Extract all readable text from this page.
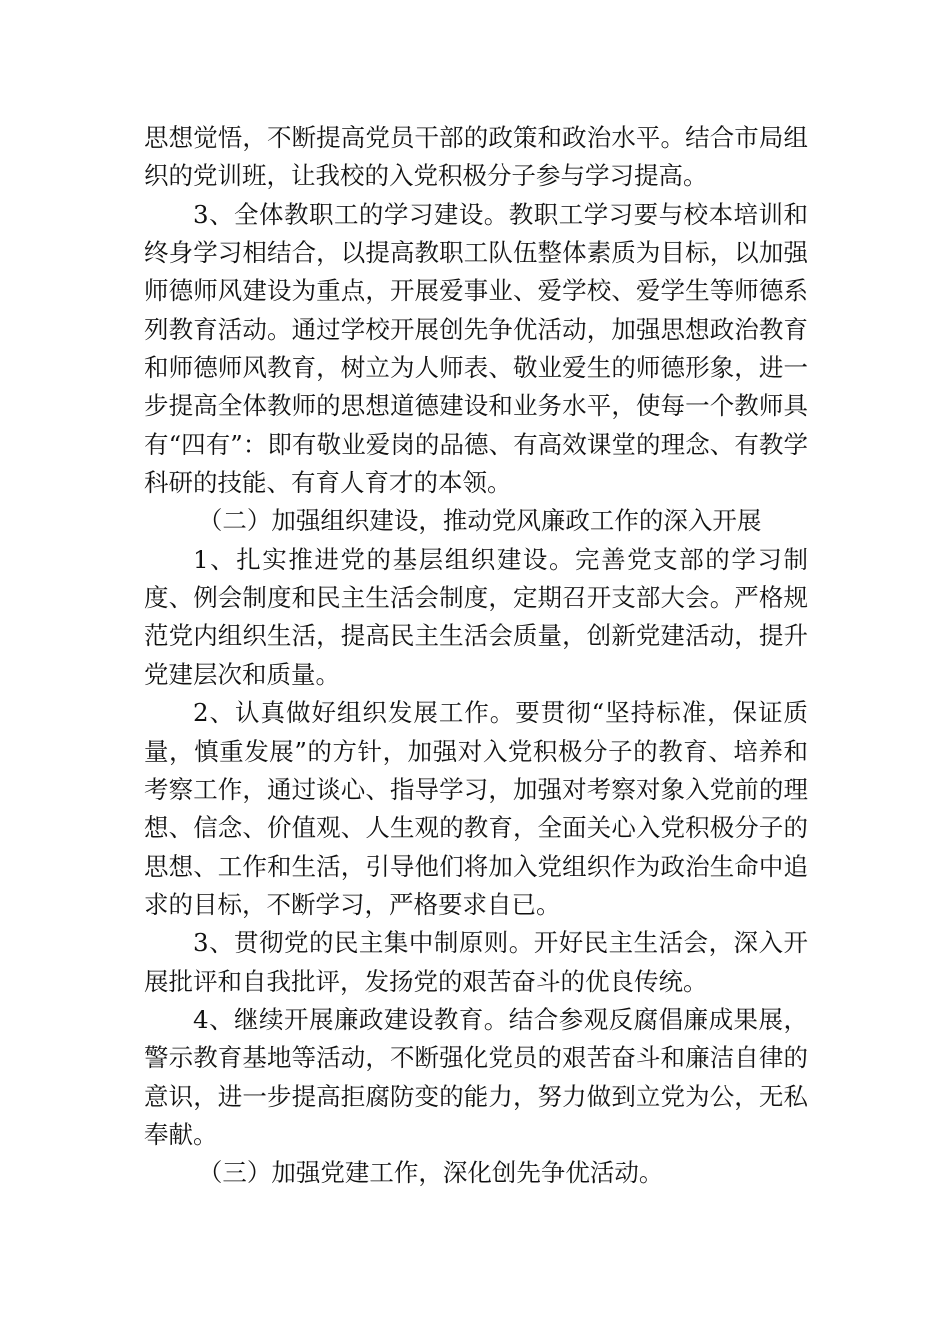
思想觉悟，不断提高党员干部的政策和政治水平。结合市局组织的党训班，让我校的入党积极分子参与学习提高。

3、全体教职工的学习建设。教职工学习要与校本培训和终身学习相结合，以提高教职工队伍整体素质为目标，以加强师德师风建设为重点，开展爱事业、爱学校、爱学生等师德系列教育活动。通过学校开展创先争优活动，加强思想政治教育和师德师风教育，树立为人师表、敬业爱生的师德形象，进一步提高全体教师的思想道德建设和业务水平，使每一个教师具有“四有”：即有敬业爱岗的品德、有高效课堂的理念、有教学科研的技能、有育人育才的本领。

（二）加强组织建设，推动党风廉政工作的深入开展

1、扎实推进党的基层组织建设。完善党支部的学习制度、例会制度和民主生活会制度，定期召开支部大会。严格规范党内组织生活，提高民主生活会质量，创新党建活动，提升党建层次和质量。

2、认真做好组织发展工作。要贯彻“坚持标准，保证质量，慎重发展”的方针，加强对入党积极分子的教育、培养和考察工作，通过谈心、指导学习，加强对考察对象入党前的理想、信念、价值观、人生观的教育，全面关心入党积极分子的思想、工作和生活，引导他们将加入党组织作为政治生命中追求的目标，不断学习，严格要求自已。

3、贯彻党的民主集中制原则。开好民主生活会，深入开展批评和自我批评，发扬党的艰苦奋斗的优良传统。

4、继续开展廉政建设教育。结合参观反腐倡廉成果展，警示教育基地等活动，不断强化党员的艰苦奋斗和廉洁自律的意识，进一步提高拒腐防变的能力，努力做到立党为公，无私奉献。

（三）加强党建工作，深化创先争优活动。
